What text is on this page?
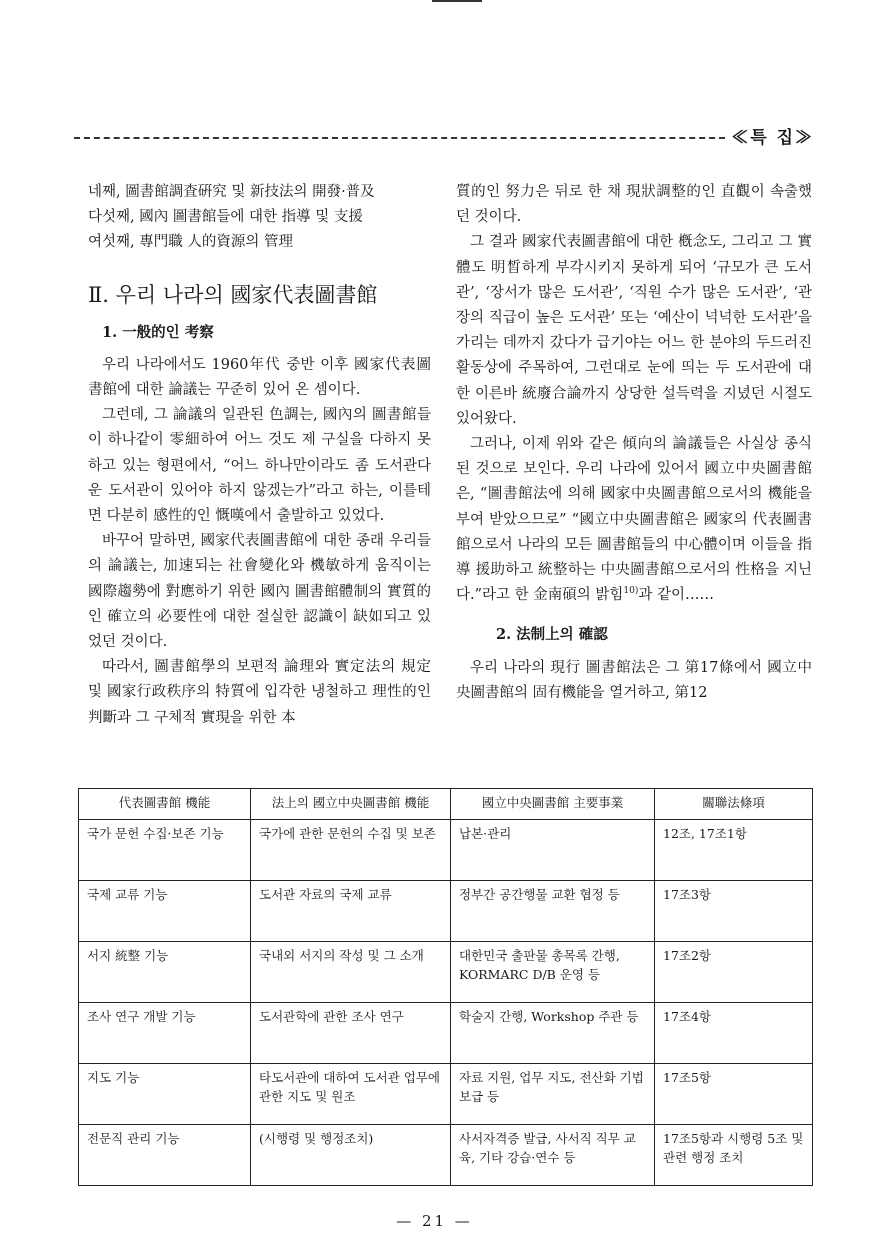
≪특 집≫
네째, 圖書館調査硏究 및 新技法의 開發·普及
다섯째, 國內 圖書館들에 대한 指導 및 支援
여섯째, 專門職 人的資源의 管理
Ⅱ. 우리 나라의 國家代表圖書館
1. 一般的인 考察

우리 나라에서도 1960年代 중반 이후 國家代表圖書館에 대한 論議는 꾸준히 있어 온 셈이다.

그런데, 그 論議의 일관된 色調는, 國內의 圖書館들이 하나같이 零細하여 어느 것도 제 구실을 다하지 못하고 있는 형편에서, “어느 하나만이라도 좀 도서관다운 도서관이 있어야 하지 않겠는가”라고 하는, 이를테면 다분히 感性的인 慨嘆에서 출발하고 있었다.

바꾸어 말하면, 國家代表圖書館에 대한 종래 우리들의 論議는, 加速되는 社會變化와 機敏하게 움직이는 國際趨勢에 對應하기 위한 國內 圖書館體制의 實質的인 確立의 必要性에 대한 절실한 認識이 缺如되고 있었던 것이다.

따라서, 圖書館學의 보편적 論理와 實定法의 規定 및 國家行政秩序의 特質에 입각한 냉철하고 理性的인 判斷과 그 구체적 實現을 위한 本

質的인 努力은 뒤로 한 채 現狀調整的인 直觀이 속출했던 것이다.

그 결과 國家代表圖書館에 대한 槪念도, 그리고 그 實體도 明晳하게 부각시키지 못하게 되어 ‘규모가 큰 도서관’, ‘장서가 많은 도서관’, ‘직원 수가 많은 도서관’, ‘관장의 직급이 높은 도서관’ 또는 ‘예산이 넉넉한 도서관’을 가리는 데까지 갔다가 급기야는 어느 한 분야의 두드러진 활동상에 주목하여, 그런대로 눈에 띄는 두 도서관에 대한 이른바 統廢合論까지 상당한 설득력을 지녔던 시절도 있어왔다.

그러나, 이제 위와 같은 傾向의 論議들은 사실상 종식된 것으로 보인다. 우리 나라에 있어서 國立中央圖書館은, “圖書館法에 의해 國家中央圖書館으로서의 機能을 부여 받았으므로” “國立中央圖書館은 國家의 代表圖書館으로서 나라의 모든 圖書館들의 中心體이며 이들을 指導 援助하고 統整하는 中央圖書館으로서의 性格을 지닌다.”라고 한 金南碩의 밝힘$^{10)}$과 같이……

2. 法制上의 確認

우리 나라의 現行 圖書館法은 그 第17條에서 國立中央圖書館의 固有機能을 열거하고, 第12

代表圖書館 機能	法上의 國立中央圖書館 機能	國立中央圖書館 主要事業	關聯法條項
국가 문헌 수집·보존 기능	국가에 관한 문헌의 수집 및 보존	납본·관리	12조, 17조1항
국제 교류 기능	도서관 자료의 국제 교류	정부간 공간행물 교환 협정 등	17조3항
서지 統整 기능	국내외 서지의 작성 및 그 소개	대한민국 출판물 총목록 간행, KORMARC D/B 운영 등	17조2항
조사 연구 개발 기능	도서관학에 관한 조사 연구	학술지 간행, Workshop 주관 등	17조4항
지도 기능	타도서관에 대하여 도서관 업무에 관한 지도 및 원조	자료 지원, 업무 지도, 전산화 기법 보급 등	17조5항
전문직 관리 기능	(시행령 및 행정조치)	사서자격증 발급, 사서직 직무 교육, 기타 강습·연수 등	17조5항과 시행령 5조 및 관련 행정 조치
— 21 —
